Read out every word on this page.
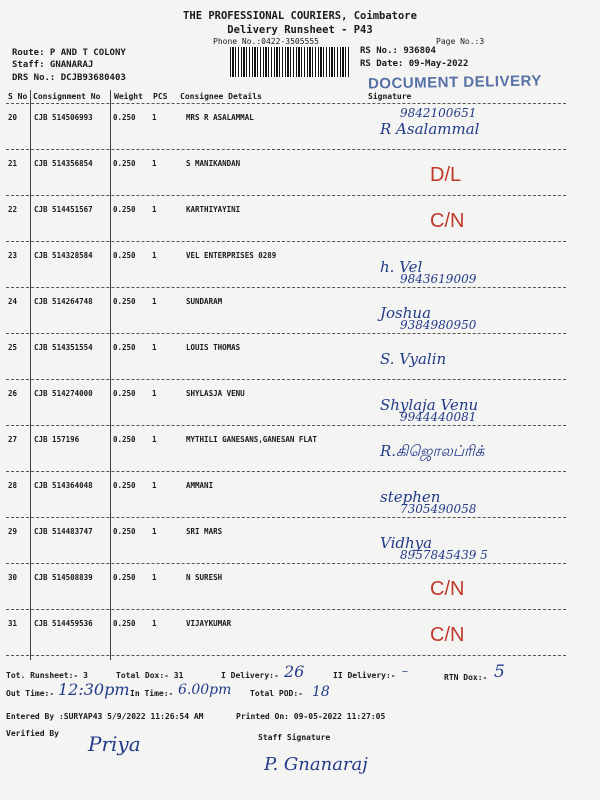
THE PROFESSIONAL COURIERS, Coimbatore
Delivery Runsheet - P43
Phone No.:0422-3505555	Page No.:3
Route: P AND T COLONY
Staff: GNANARAJ
DRS No.: DCJB93680403
RS No.: 936804
RS Date: 09-May-2022
DOCUMENT DELIVERY
S No Consignment No Weight PCS Consignee Details	Signature
20 CJB 514506993	0.250 1	MRS R ASALAMMAL
R Asalammal
9842100651
21 CJB 514356854	0.250 1	S MANIKANDAN
D/L
22 CJB 514451567	0.250 1	KARTHIYAYINI
C/N
23 CJB 514328584	0.250 1	VEL ENTERPRISES 0289
h. Vel
9843619009
24 CJB 514264748	0.250 1	SUNDARAM
Joshua
9384980950
25 CJB 514351554	0.250 1	LOUIS THOMAS
S. Vyalin
26 CJB 514274000	0.250 1	SHYLASJA VENU
Shylaja Venu
9944440081
27 CJB 157196	0.250 1	MYTHILI GANESANS,GANESAN FLAT
R.கிஜொலப்ரிக்
28 CJB 514364048	0.250 1	AMMANI
stephen
7305490058
29 CJB 514483747	0.250 1	SRI MARS
Vidhya
8957845439 5
30 CJB 514508839	0.250 1	N SURESH
C/N
31 CJB 514459536	0.250 1	VIJAYKUMAR
C/N
Tot. Runsheet:- 3	Total Dox:- 31	I Delivery:- 26	II Delivery:- –	RTN Dox:- 5
Out Time:- 12:30pm In Time:- 6.00pm Total POD:- 18
Entered By :SURYAP43 5/9/2022 11:26:54 AM	Printed On: 09-05-2022 11:27:05
Verified By Priya	Staff Signature
P. Gnanaraj
